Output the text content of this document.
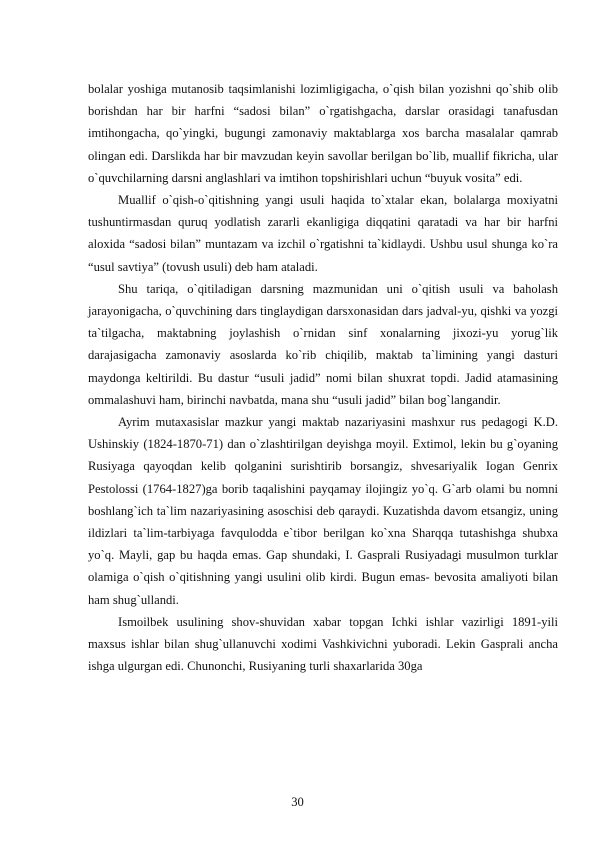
bolalar yoshiga mutanosib taqsimlanishi lozimligigacha, o`qish bilan yozishni qo`shib olib borishdan har bir harfni “sadosi bilan” o`rgatishgacha, darslar orasidagi tanafusdan imtihongacha, qo`yingki, bugungi zamonaviy maktablarga xos barcha masalalar qamrab olingan edi. Darslikda har bir mavzudan keyin savollar berilgan bo`lib, muallif fikricha, ular o`quvchilarning darsni anglashlari va imtihon topshirishlari uchun “buyuk vosita” edi.

Muallif o`qish-o`qitishning yangi usuli haqida to`xtalar ekan, bolalarga moxiyatni tushuntirmasdan quruq yodlatish zararli ekanligiga diqqatini qaratadi va har bir harfni aloxida “sadosi bilan” muntazam va izchil o`rgatishni ta`kidlaydi. Ushbu usul shunga ko`ra “usul savtiya” (tovush usuli) deb ham ataladi.

Shu tariqa, o`qitiladigan darsning mazmunidan uni o`qitish usuli va baholash jarayonigacha, o`quvchining dars tinglaydigan darsxonasidan dars jadval-yu, qishki va yozgi ta`tilgacha, maktabning joylashish o`rnidan sinf xonalarning jixozi-yu yorug`lik darajasigacha zamonaviy asoslarda ko`rib chiqilib, maktab ta`limining yangi dasturi maydonga keltirildi. Bu dastur “usuli jadid” nomi bilan shuxrat topdi. Jadid atamasining ommalashuvi ham, birinchi navbatda, mana shu “usuli jadid” bilan bog`langandir.

Ayrim mutaxasislar mazkur yangi maktab nazariyasini mashxur rus pedagogi K.D. Ushinskiy (1824-1870-71) dan o`zlashtirilgan deyishga moyil. Extimol, lekin bu g`oyaning Rusiyaga qayoqdan kelib qolganini surishtirib borsangiz, shvesariyalik Iogan Genrix Pestolossi (1764-1827)ga borib taqalishini payqamay ilojingiz yo`q. G`arb olami bu nomni boshlang`ich ta`lim nazariyasining asoschisi deb qaraydi. Kuzatishda davom etsangiz, uning ildizlari ta`lim-tarbiyaga favqulodda e`tibor berilgan ko`xna Sharqqa tutashishga shubxa yo`q. Mayli, gap bu haqda emas. Gap shundaki, I. Gasprali Rusiyadagi musulmon turklar olamiga o`qish o`qitishning yangi usulini olib kirdi. Bugun emas- bevosita amaliyoti bilan ham shug`ullandi.

Ismoilbek usulining shov-shuvidan xabar topgan Ichki ishlar vazirligi 1891-yili maxsus ishlar bilan shug`ullanuvchi xodimi Vashkivichni yuboradi. Lekin Gasprali ancha ishga ulgurgan edi. Chunonchi, Rusiyaning turli shaxarlarida 30ga

30
